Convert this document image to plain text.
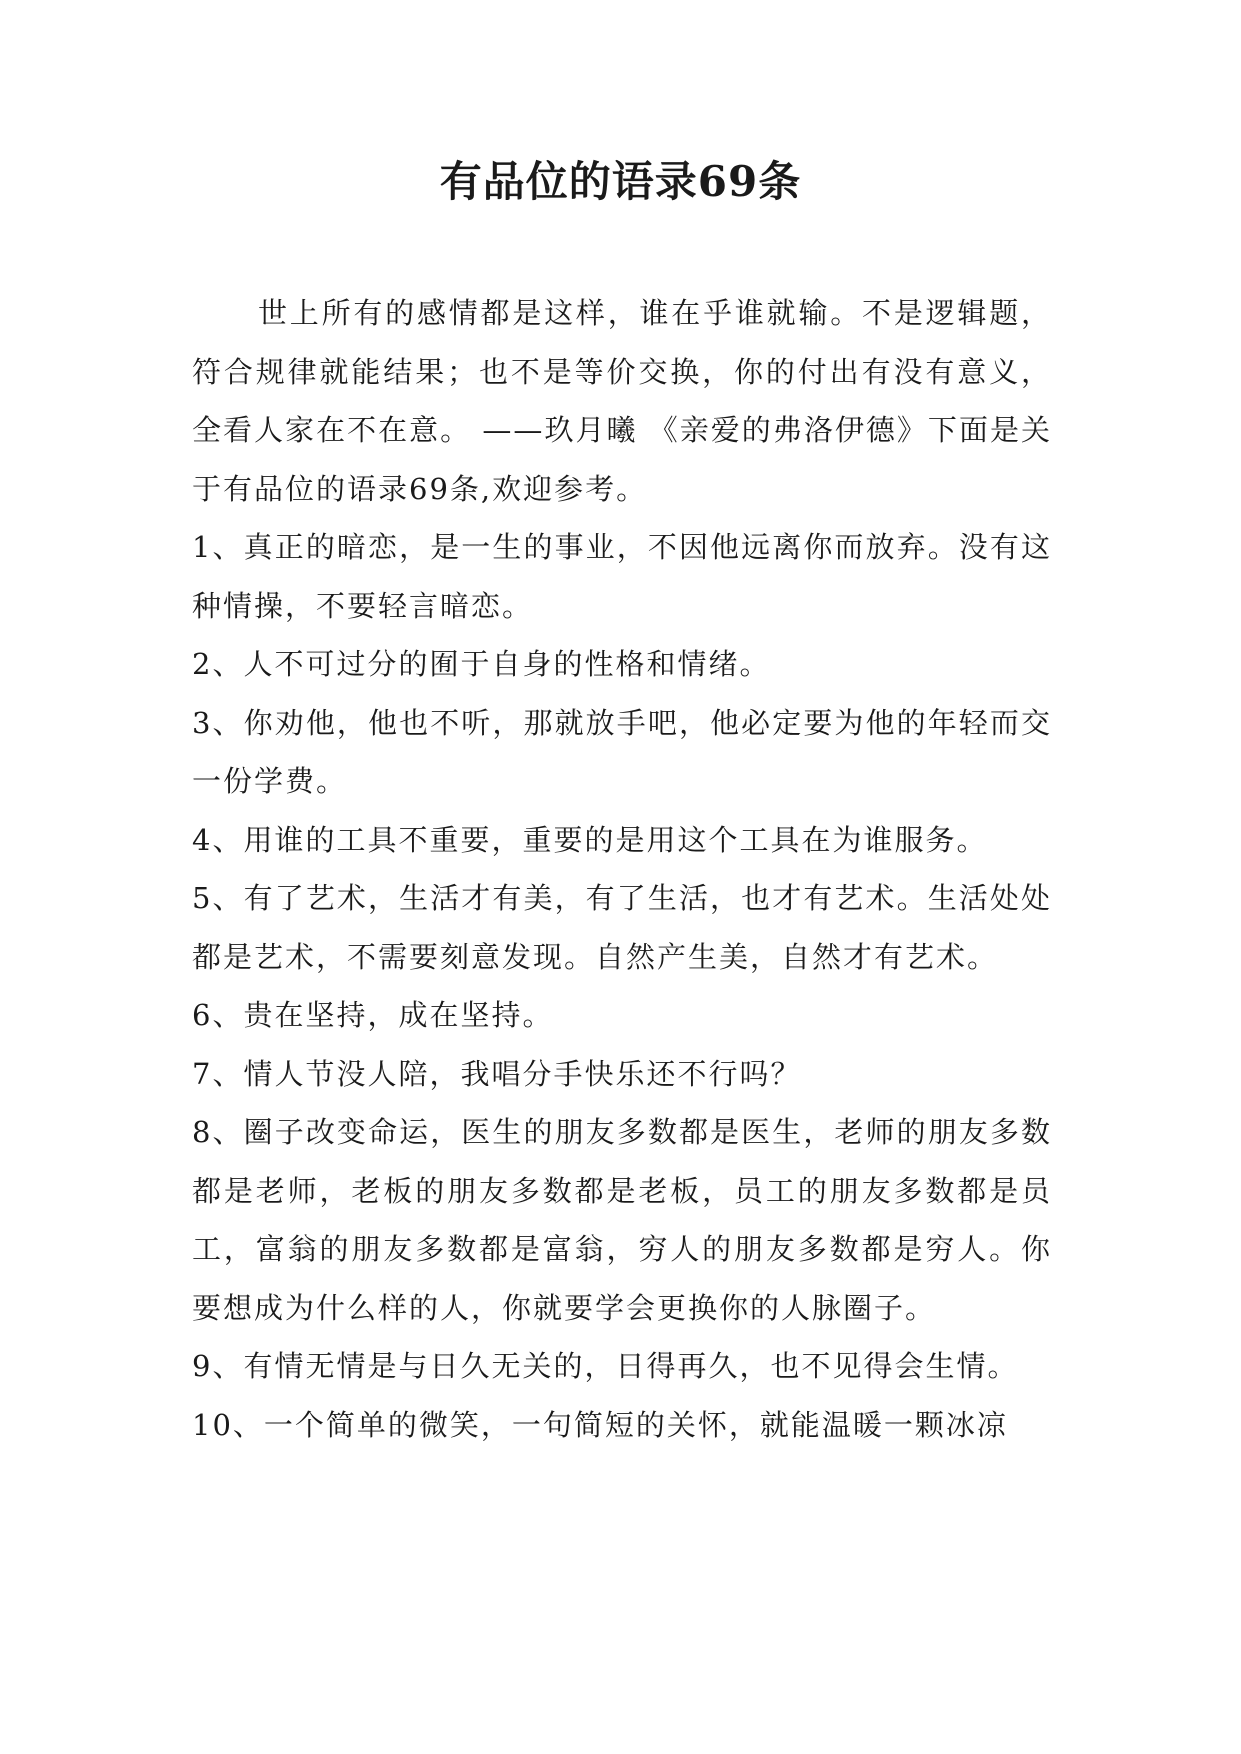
有品位的语录69条

世上所有的感情都是这样，谁在乎谁就输。不是逻辑题，符合规律就能结果；也不是等价交换，你的付出有没有意义，全看人家在不在意。 ——玖月曦 《亲爱的弗洛伊德》下面是关于有品位的语录69条,欢迎参考。

1、真正的暗恋，是一生的事业，不因他远离你而放弃。没有这种情操，不要轻言暗恋。

2、人不可过分的囿于自身的性格和情绪。

3、你劝他，他也不听，那就放手吧，他必定要为他的年轻而交一份学费。

4、用谁的工具不重要，重要的是用这个工具在为谁服务。

5、有了艺术，生活才有美，有了生活，也才有艺术。生活处处都是艺术，不需要刻意发现。自然产生美，自然才有艺术。

6、贵在坚持，成在坚持。

7、情人节没人陪，我唱分手快乐还不行吗？

8、圈子改变命运，医生的朋友多数都是医生，老师的朋友多数都是老师，老板的朋友多数都是老板，员工的朋友多数都是员工，富翁的朋友多数都是富翁，穷人的朋友多数都是穷人。你要想成为什么样的人，你就要学会更换你的人脉圈子。

9、有情无情是与日久无关的，日得再久，也不见得会生情。

10、一个简单的微笑，一句简短的关怀，就能温暖一颗冰凉
